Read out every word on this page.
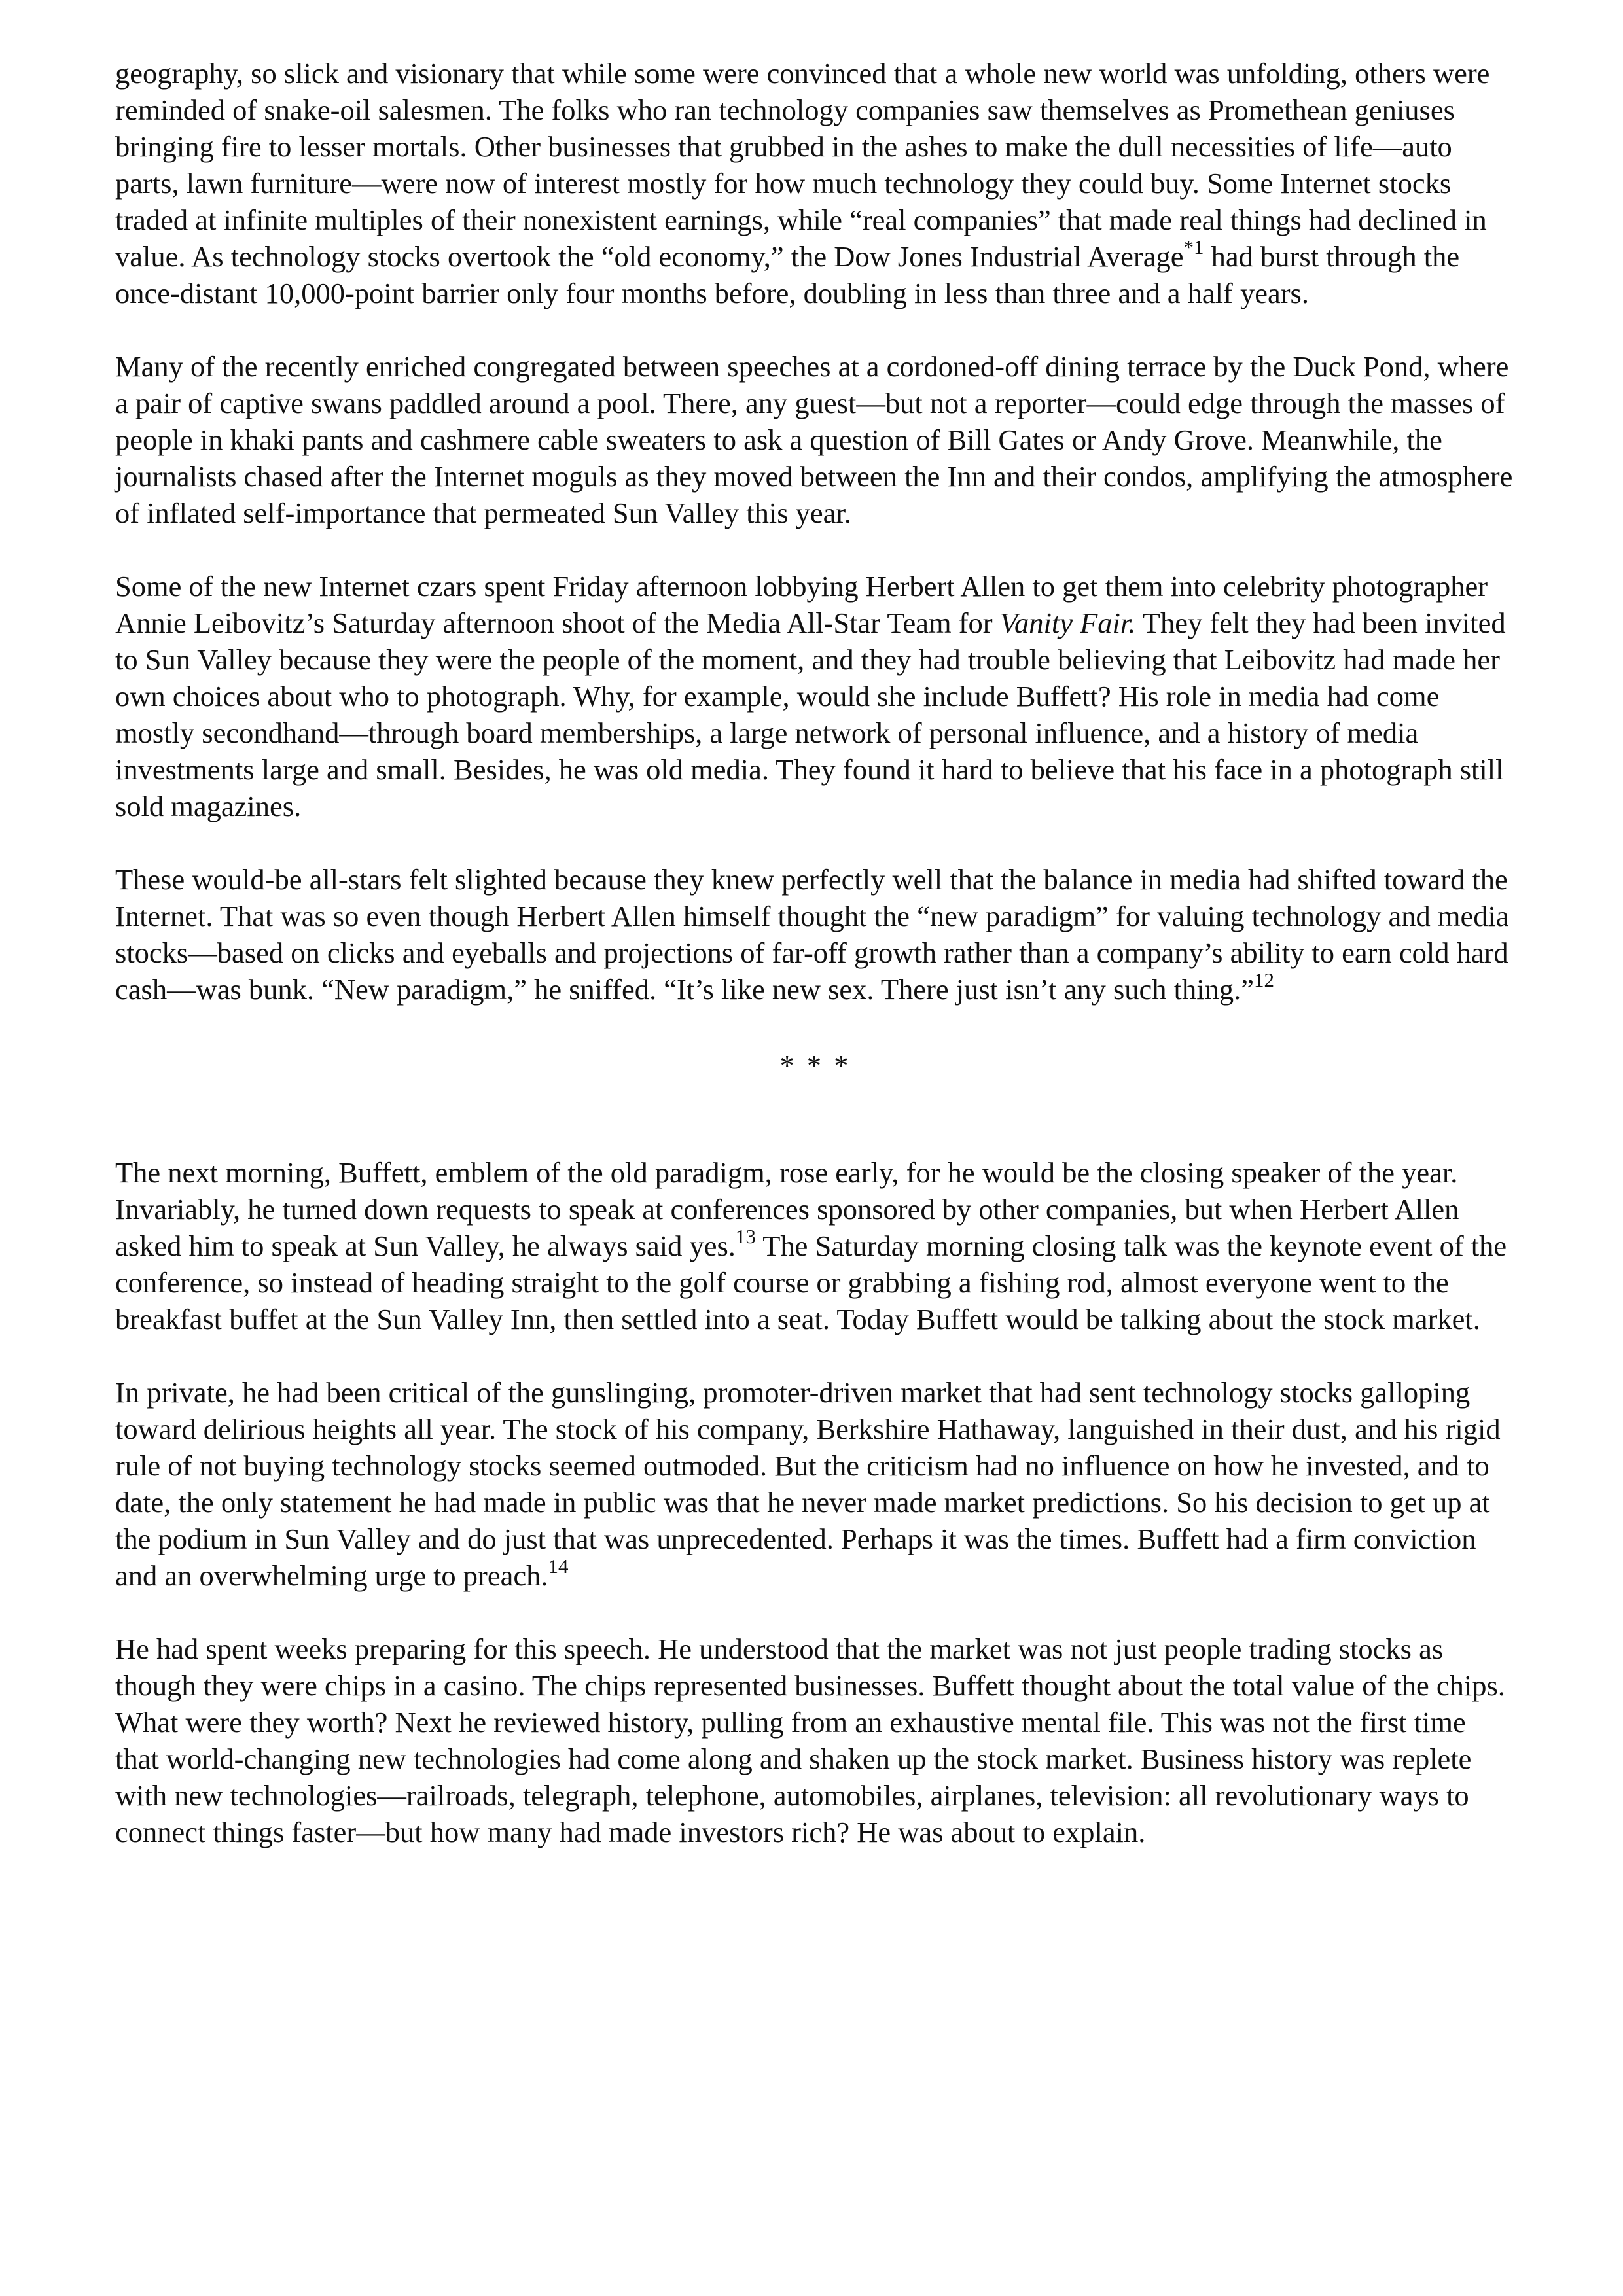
geography, so slick and visionary that while some were convinced that a whole new world was unfolding, others were reminded of snake-oil salesmen. The folks who ran technology companies saw themselves as Promethean geniuses bringing fire to lesser mortals. Other businesses that grubbed in the ashes to make the dull necessities of life—auto parts, lawn furniture—were now of interest mostly for how much technology they could buy. Some Internet stocks traded at infinite multiples of their nonexistent earnings, while “real companies” that made real things had declined in value. As technology stocks overtook the “old economy,” the Dow Jones Industrial Average$^{*1}$ had burst through the once-distant 10,000-point barrier only four months before, doubling in less than three and a half years.

Many of the recently enriched congregated between speeches at a cordoned-off dining terrace by the Duck Pond, where a pair of captive swans paddled around a pool. There, any guest—but not a reporter—could edge through the masses of people in khaki pants and cashmere cable sweaters to ask a question of Bill Gates or Andy Grove. Meanwhile, the journalists chased after the Internet moguls as they moved between the Inn and their condos, amplifying the atmosphere of inflated self-importance that permeated Sun Valley this year.

Some of the new Internet czars spent Friday afternoon lobbying Herbert Allen to get them into celebrity photographer Annie Leibovitz’s Saturday afternoon shoot of the Media All-Star Team for Vanity Fair. They felt they had been invited to Sun Valley because they were the people of the moment, and they had trouble believing that Leibovitz had made her own choices about who to photograph. Why, for example, would she include Buffett? His role in media had come mostly secondhand—through board memberships, a large network of personal influence, and a history of media investments large and small. Besides, he was old media. They found it hard to believe that his face in a photograph still sold magazines.

These would-be all-stars felt slighted because they knew perfectly well that the balance in media had shifted toward the Internet. That was so even though Herbert Allen himself thought the “new paradigm” for valuing technology and media stocks—based on clicks and eyeballs and projections of far-off growth rather than a company’s ability to earn cold hard cash—was bunk. “New paradigm,” he sniffed. “It’s like new sex. There just isn’t any such thing.”$^{12}$

* * *

The next morning, Buffett, emblem of the old paradigm, rose early, for he would be the closing speaker of the year. Invariably, he turned down requests to speak at conferences sponsored by other companies, but when Herbert Allen asked him to speak at Sun Valley, he always said yes.$^{13}$ The Saturday morning closing talk was the keynote event of the conference, so instead of heading straight to the golf course or grabbing a fishing rod, almost everyone went to the breakfast buffet at the Sun Valley Inn, then settled into a seat. Today Buffett would be talking about the stock market.

In private, he had been critical of the gunslinging, promoter-driven market that had sent technology stocks galloping toward delirious heights all year. The stock of his company, Berkshire Hathaway, languished in their dust, and his rigid rule of not buying technology stocks seemed outmoded. But the criticism had no influence on how he invested, and to date, the only statement he had made in public was that he never made market predictions. So his decision to get up at the podium in Sun Valley and do just that was unprecedented. Perhaps it was the times. Buffett had a firm conviction and an overwhelming urge to preach.$^{14}$

He had spent weeks preparing for this speech. He understood that the market was not just people trading stocks as though they were chips in a casino. The chips represented businesses. Buffett thought about the total value of the chips. What were they worth? Next he reviewed history, pulling from an exhaustive mental file. This was not the first time that world-changing new technologies had come along and shaken up the stock market. Business history was replete with new technologies—railroads, telegraph, telephone, automobiles, airplanes, television: all revolutionary ways to connect things faster—but how many had made investors rich? He was about to explain.
